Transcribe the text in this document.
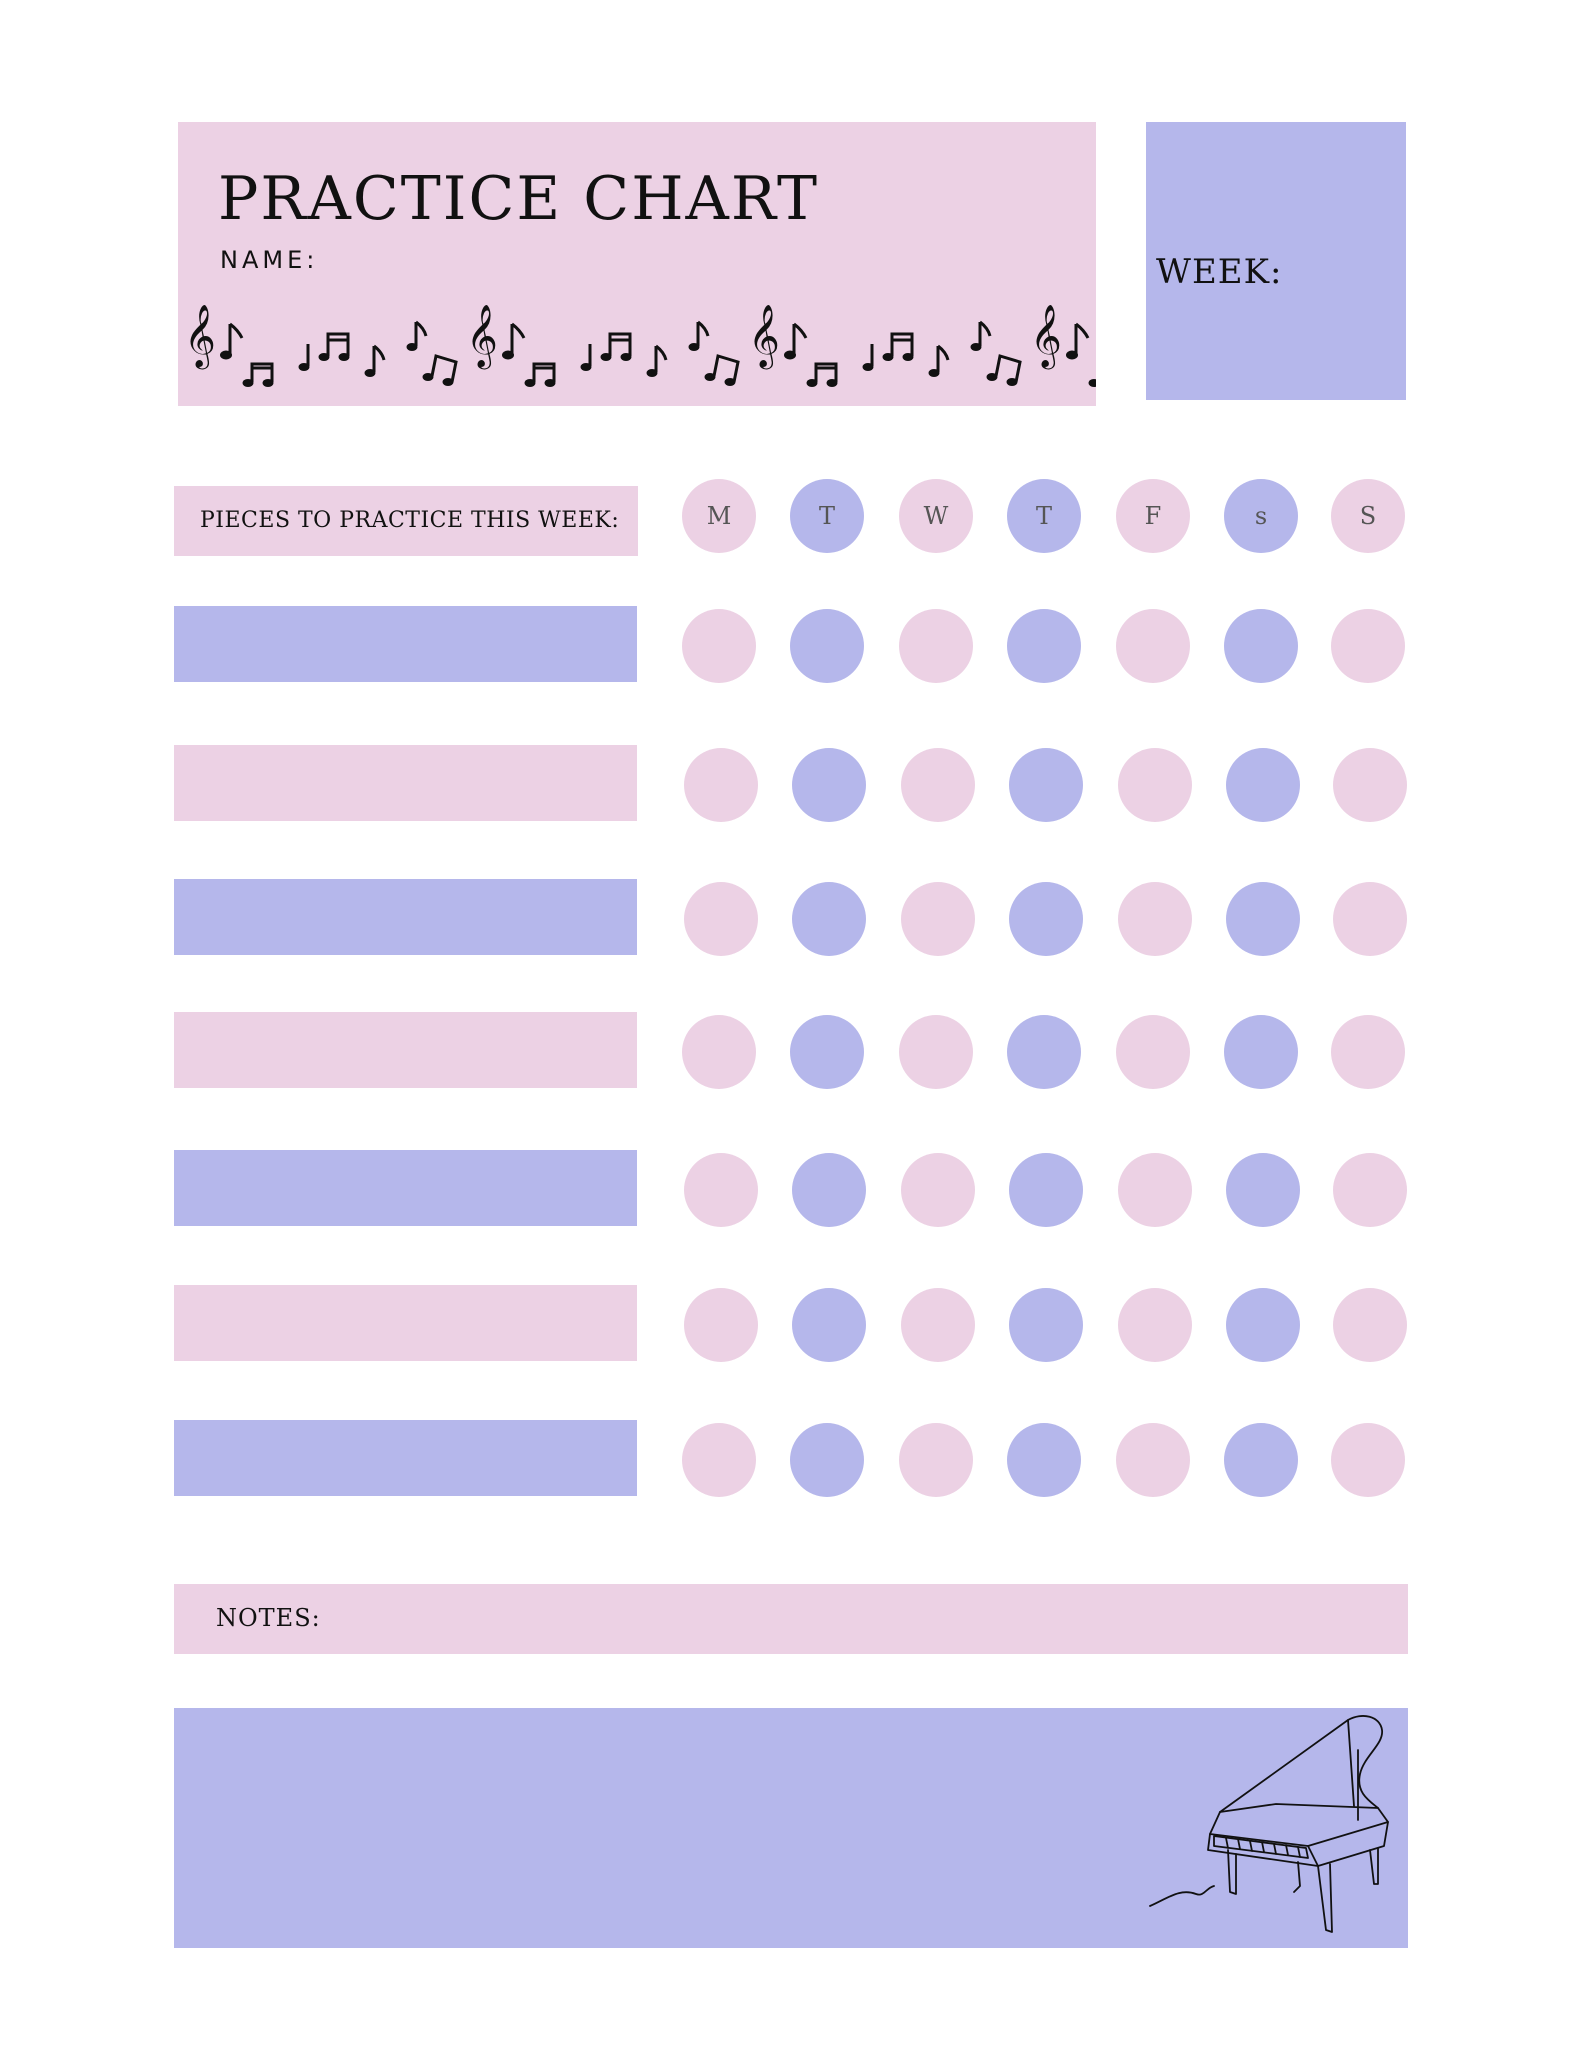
PRACTICE CHART
NAME:
𝄞
WEEK:
PIECES TO PRACTICE THIS WEEK:	M	T	W	T	F	s	S
NOTES:
